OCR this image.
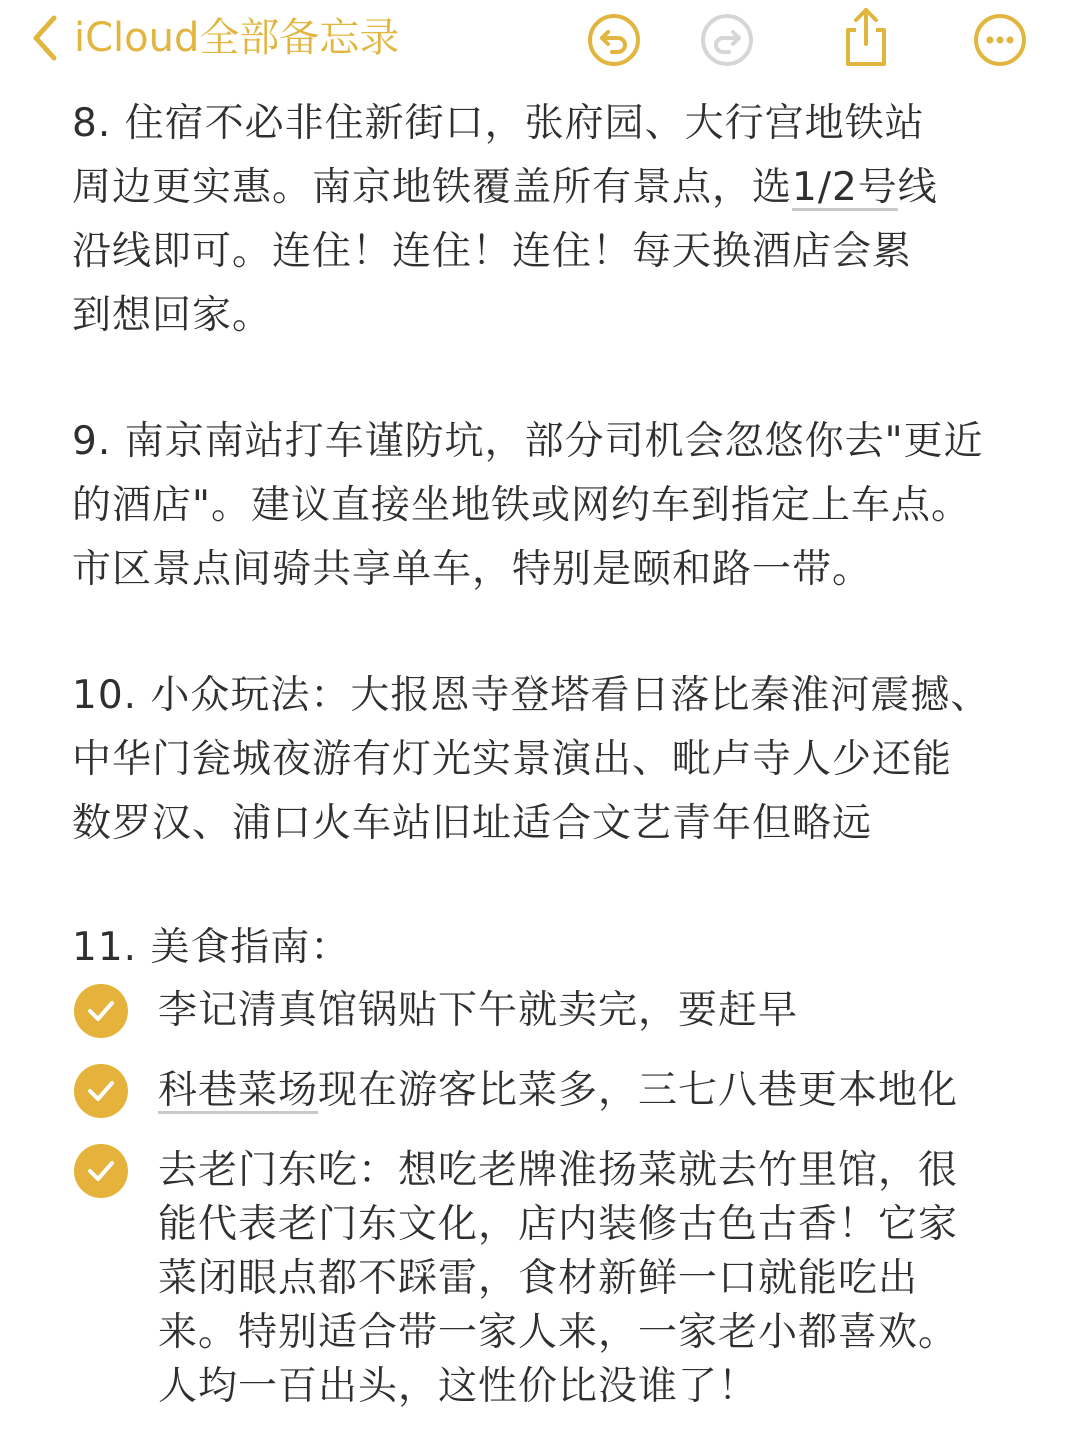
iCloud全部备忘录
8. 住宿不必非住新街口，张府园、大行宫地铁站
周边更实惠。南京地铁覆盖所有景点，选1/2号线
沿线即可。连住！连住！连住！每天换酒店会累
到想回家。
9. 南京南站打车谨防坑，部分司机会忽悠你去"更近
的酒店"。建议直接坐地铁或网约车到指定上车点。
市区景点间骑共享单车，特别是颐和路一带。
10. 小众玩法：大报恩寺登塔看日落比秦淮河震撼、
中华门瓮城夜游有灯光实景演出、毗卢寺人少还能
数罗汉、浦口火车站旧址适合文艺青年但略远
11. 美食指南：
李记清真馆锅贴下午就卖完，要赶早
科巷菜场现在游客比菜多，三七八巷更本地化
去老门东吃：想吃老牌淮扬菜就去竹里馆，很
能代表老门东文化，店内装修古色古香！它家
菜闭眼点都不踩雷，食材新鲜一口就能吃出
来。特别适合带一家人来，一家老小都喜欢。
人均一百出头，这性价比没谁了！
